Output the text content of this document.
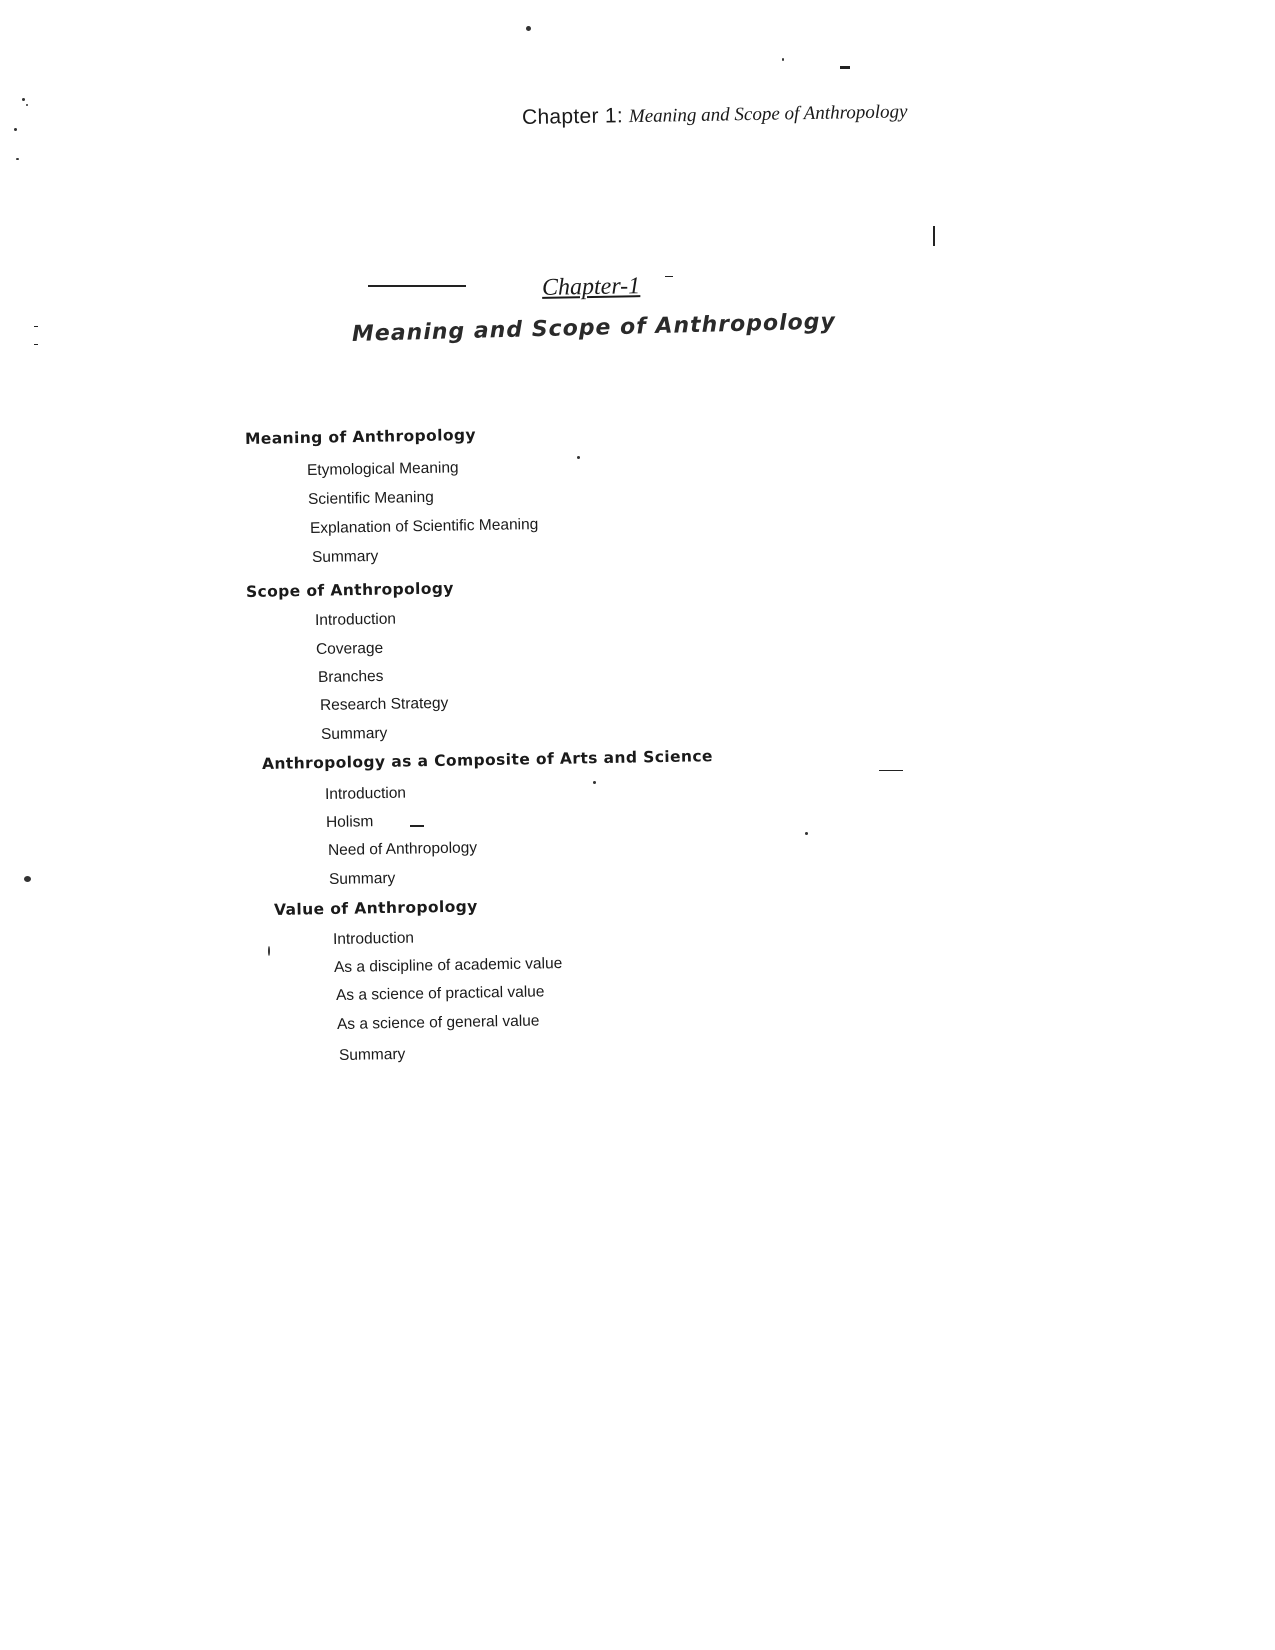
Chapter 1: Meaning and Scope of Anthropology
Chapter-1
Meaning and Scope of Anthropology
Meaning of Anthropology
Etymological Meaning
Scientific Meaning
Explanation of Scientific Meaning
Summary
Scope of Anthropology
Introduction
Coverage
Branches
Research Strategy
Summary
Anthropology as a Composite of Arts and Science
Introduction
Holism
Need of Anthropology
Summary
Value of Anthropology
Introduction
As a discipline of academic value
As a science of practical value
As a science of general value
Summary
